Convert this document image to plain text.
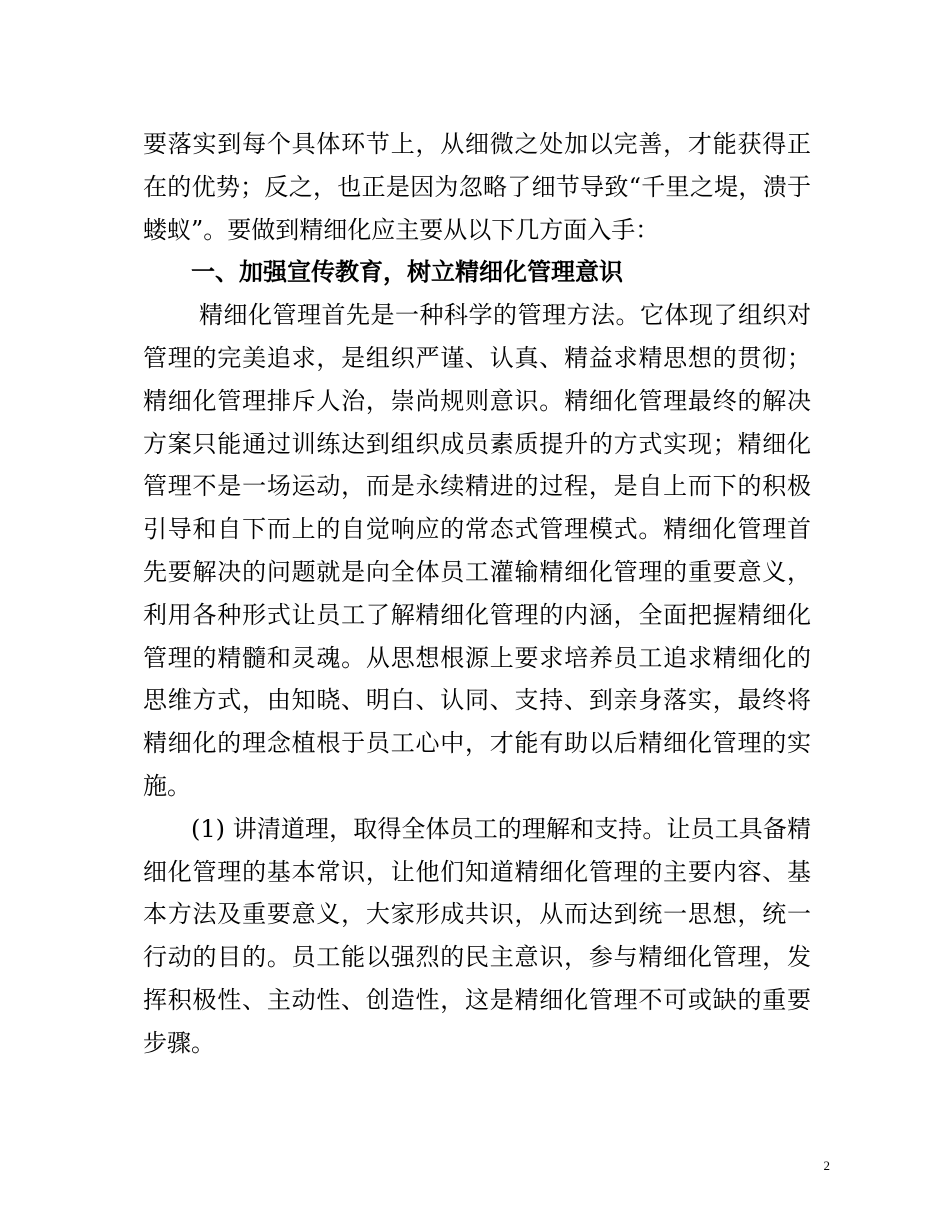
要落实到每个具体环节上，从细微之处加以完善，才能获得正在的优势；反之，也正是因为忽略了细节导致“千里之堤，溃于蝼蚁”。要做到精细化应主要从以下几方面入手：

一、加强宣传教育，树立精细化管理意识

精细化管理首先是一种科学的管理方法。它体现了组织对管理的完美追求，是组织严谨、认真、精益求精思想的贯彻；精细化管理排斥人治，崇尚规则意识。精细化管理最终的解决方案只能通过训练达到组织成员素质提升的方式实现；精细化管理不是一场运动，而是永续精进的过程，是自上而下的积极引导和自下而上的自觉响应的常态式管理模式。精细化管理首先要解决的问题就是向全体员工灌输精细化管理的重要意义，利用各种形式让员工了解精细化管理的内涵，全面把握精细化管理的精髓和灵魂。从思想根源上要求培养员工追求精细化的思维方式，由知晓、明白、认同、支持、到亲身落实，最终将精细化的理念植根于员工心中，才能有助以后精细化管理的实施。

(1) 讲清道理，取得全体员工的理解和支持。让员工具备精细化管理的基本常识，让他们知道精细化管理的主要内容、基本方法及重要意义，大家形成共识，从而达到统一思想，统一行动的目的。员工能以强烈的民主意识，参与精细化管理，发挥积极性、主动性、创造性，这是精细化管理不可或缺的重要步骤。

2
